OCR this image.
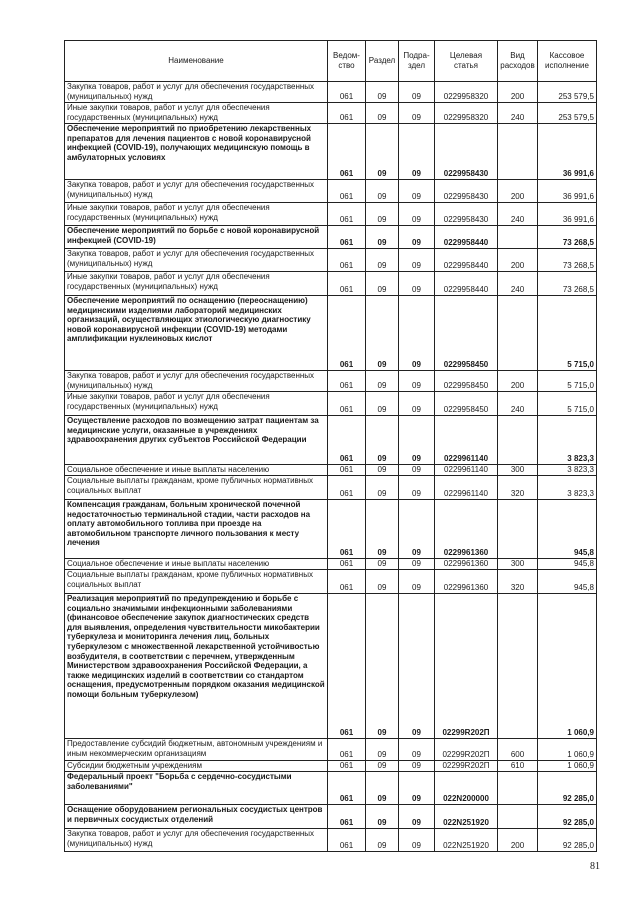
Наименование	Ведом-ство	Раздел	Подра-здел	Целевая статья	Вид расходов	Кассовое исполнение
Закупка товаров, работ и услуг для обеспечения государственных (муниципальных) нужд	061	09	09	0229958320	200	253 579,5
Иные закупки товаров, работ и услуг для обеспечения государственных (муниципальных) нужд	061	09	09	0229958320	240	253 579,5
Обеспечение мероприятий по приобретению лекарственных препаратов для лечения пациентов с новой коронавирусной инфекцией (COVID-19), получающих медицинскую помощь в амбулаторных условиях	061	09	09	0229958430		36 991,6
Закупка товаров, работ и услуг для обеспечения государственных (муниципальных) нужд	061	09	09	0229958430	200	36 991,6
Иные закупки товаров, работ и услуг для обеспечения государственных (муниципальных) нужд	061	09	09	0229958430	240	36 991,6
Обеспечение мероприятий по борьбе с новой коронавирусной инфекцией (COVID-19)	061	09	09	0229958440		73 268,5
Закупка товаров, работ и услуг для обеспечения государственных (муниципальных) нужд	061	09	09	0229958440	200	73 268,5
Иные закупки товаров, работ и услуг для обеспечения государственных (муниципальных) нужд	061	09	09	0229958440	240	73 268,5
Обеспечение мероприятий по оснащению (переоснащению) медицинскими изделиями лабораторий медицинских организаций, осуществляющих этиологическую диагностику новой коронавирусной инфекции (COVID-19) методами амплификации нуклеиновых кислот	061	09	09	0229958450		5 715,0
Закупка товаров, работ и услуг для обеспечения государственных (муниципальных) нужд	061	09	09	0229958450	200	5 715,0
Иные закупки товаров, работ и услуг для обеспечения государственных (муниципальных) нужд	061	09	09	0229958450	240	5 715,0
Осуществление расходов по возмещению затрат пациентам за медицинские услуги, оказанные в учреждениях здравоохранения других субъектов Российской Федерации	061	09	09	0229961140		3 823,3
Социальное обеспечение и иные выплаты населению	061	09	09	0229961140	300	3 823,3
Социальные выплаты гражданам, кроме публичных нормативных социальных выплат	061	09	09	0229961140	320	3 823,3
Компенсация гражданам, больным хронической почечной недостаточностью терминальной стадии, части расходов на оплату автомобильного топлива при проезде на автомобильном транспорте личного пользования к месту лечения	061	09	09	0229961360		945,8
Социальное обеспечение и иные выплаты населению	061	09	09	0229961360	300	945,8
Социальные выплаты гражданам, кроме публичных нормативных социальных выплат	061	09	09	0229961360	320	945,8
Реализация мероприятий по предупреждению и борьбе с социально значимыми инфекционными заболеваниями (финансовое обеспечение закупок диагностических средств для выявления, определения чувствительности микобактерии туберкулеза и мониторинга лечения лиц, больных туберкулезом с множественной лекарственной устойчивостью возбудителя, в соответствии с перечнем, утвержденным Министерством здравоохранения Российской Федерации, а также медицинских изделий в соответствии со стандартом оснащения, предусмотренным порядком оказания медицинской помощи больным туберкулезом)	061	09	09	02299R202П		1 060,9
Предоставление субсидий бюджетным, автономным учреждениям и иным некоммерческим организациям	061	09	09	02299R202П	600	1 060,9
Субсидии бюджетным учреждениям	061	09	09	02299R202П	610	1 060,9
Федеральный проект "Борьба с сердечно-сосудистыми заболеваниями"	061	09	09	022N200000		92 285,0
Оснащение оборудованием региональных сосудистых центров и первичных сосудистых отделений	061	09	09	022N251920		92 285,0
Закупка товаров, работ и услуг для обеспечения государственных (муниципальных) нужд	061	09	09	022N251920	200	92 285,0
81
